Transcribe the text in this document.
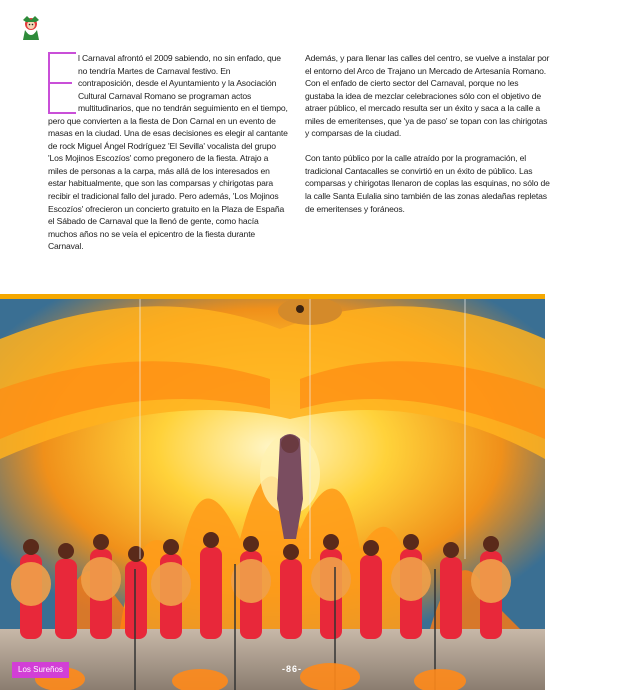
l Carnaval afrontó el 2009 sabiendo, no sin enfado, que no tendría Martes de Carnaval festivo. En contraposición, desde el Ayuntamiento y la Asociación Cultural Carnaval Romano se programan actos multitudinarios, que no tendrán seguimiento en el tiempo, pero que convierten a la fiesta de Don Carnal en un evento de masas en la ciudad. Una de esas decisiones es elegir al cantante de rock Miguel Ángel Rodríguez 'El Sevilla' vocalista del grupo 'Los Mojinos Escozíos' como pregonero de la fiesta. Atrajo a miles de personas a la carpa, más allá de los interesados en estar habitualmente, que son las comparsas y chirigotas para recibir el tradicional fallo del jurado. Pero además, 'Los Mojinos Escozíos' ofrecieron un concierto gratuito en la Plaza de España el Sábado de Carnaval que la llenó de gente, como hacía muchos años no se veía el epicentro de la fiesta durante Carnaval.

Además, y para llenar las calles del centro, se vuelve a instalar por el entorno del Arco de Trajano un Mercado de Artesanía Romano. Con el enfado de cierto sector del Carnaval, porque no les gustaba la idea de mezclar celebraciones sólo con el objetivo de atraer público, el mercado resulta ser un éxito y saca a la calle a miles de emeritenses, que 'ya de paso' se topan con las chirigotas y comparsas de la ciudad.

Con tanto público por la calle atraído por la programación, el tradicional Cantacalles se convirtió en un éxito de público. Las comparsas y chirigotas llenaron de coplas las esquinas, no sólo de la calle Santa Eulalia sino también de las zonas aledañas repletas de emeritenses y foráneos.

Los Sureños	-86-
